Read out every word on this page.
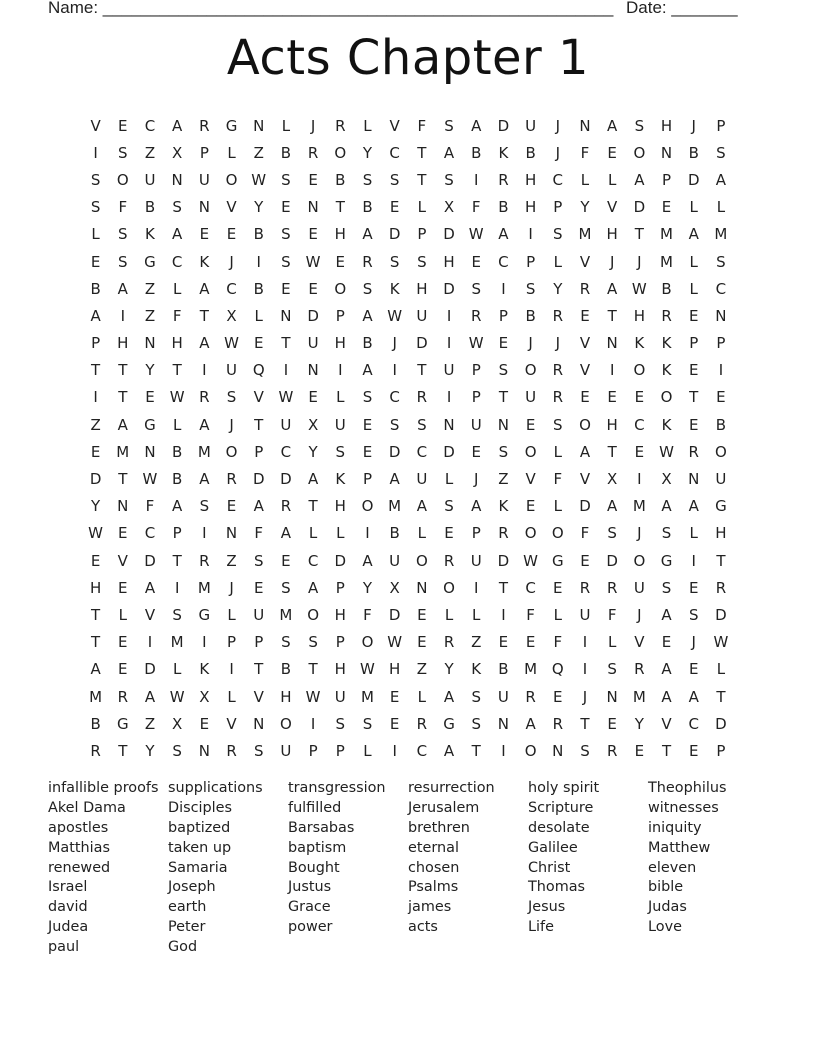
Name: ______________________________________________________ Date: _______
Acts Chapter 1
V	E	C	A	R	G	N	L	J	R	L	V	F	S	A	D	U	J	N	A	S	H	J	P
I	S	Z	X	P	L	Z	B	R	O	Y	C	T	A	B	K	B	J	F	E	O	N	B	S
S	O	U	N	U	O W	S	E	B	S	S	T	S	I	R	H	C	L	L	A	P	D	A
S	F	B	S	N	V	Y	E	N	T	B	E	L	X	F	B	H	P	Y	V	D	E	L	L
L	S	K	A	E	E	B	S	E	H	A	D	P	D W A	I	S	M	H	T	M	A	M
E	S	G	C	K	J	I	S	W	E	R	S	S	H	E	C	P	L	V	J	J	M	L	S
B	A	Z	L	A	C	B	E	E	O	S	K	H	D	S	I	S	Y	R	A W B	L	C
A	I	Z	F	T	X	L	N	D	P	A W U	I	R	P	B	R	E	T	H	R	E	N
P	H	N	H	A W	E	T	U	H	B	J	D	I	W	E	J	J	V	N	K	K	P	P
T	T	Y	T	I	U	Q	I	N	I	A	I	T	U	P	S	O	R	V	I	O	K	E	I
I	T	E	W R	S	V W	E	L	S	C	R	I	P	T	U	R	E	E	E	O	T	E
Z	A	G	L	A	J	T	U	X	U	E	S	S	N	U	N	E	S	O	H	C	K	E	B
E	M	N	B	M O	P	C	Y	S	E	D	C	D	E	S	O	L	A	T	E	W R	O
D	T	W B	A	R	D	D	A	K	P	A	U	L	J	Z	V	F	V	X	I	X	N	U
Y	N	F	A	S	E	A	R	T	H	O M	A	S	A	K	E	L	D	A	M	A	A	G
W	E	C	P	I	N	F	A	L	L	I	B	L	E	P	R	O	O	F	S	J	S	L	H
E	V	D	T	R	Z	S	E	C	D	A	U	O	R	U	D W G	E	D	O	G	I	T
H	E	A	I	M	J	E	S	A	P	Y	X	N	O	I	T	C	E	R	R	U	S	E	R
T	L	V	S	G	L	U	M O	H	F	D	E	L	L	I	F	L	U	F	J	A	S	D
T	E	I	M	I	P	P	S	S	P	O W	E	R	Z	E	E	F	I	L	V	E	J	W
A	E	D	L	K	I	T	B	T	H W H	Z	Y	K	B	M Q	I	S	R	A	E	L
M	R	A W X	L	V	H W U	M	E	L	A	S	U	R	E	J	N	M	A	A	T
B	G	Z	X	E	V	N	O	I	S	S	E	R	G	S	N	A	R	T	E	Y	V	C	D
R	T	Y	S	N	R	S	U	P	P	L	I	C	A	T	I	O	N	S	R	E	T	E	P
infallible proofs
Akel Dama
apostles
Matthias
renewed
Israel
david
Judea
paul
supplications
Disciples
baptized
taken up
Samaria
Joseph
earth
Peter
God
transgression
fulfilled
Barsabas
baptism
Bought
Justus
Grace
power
resurrection
Jerusalem
brethren
eternal
chosen
Psalms
james
acts
holy spirit
Scripture
desolate
Galilee
Christ
Thomas
Jesus
Life
Theophilus
witnesses
iniquity
Matthew
eleven
bible
Judas
Love
